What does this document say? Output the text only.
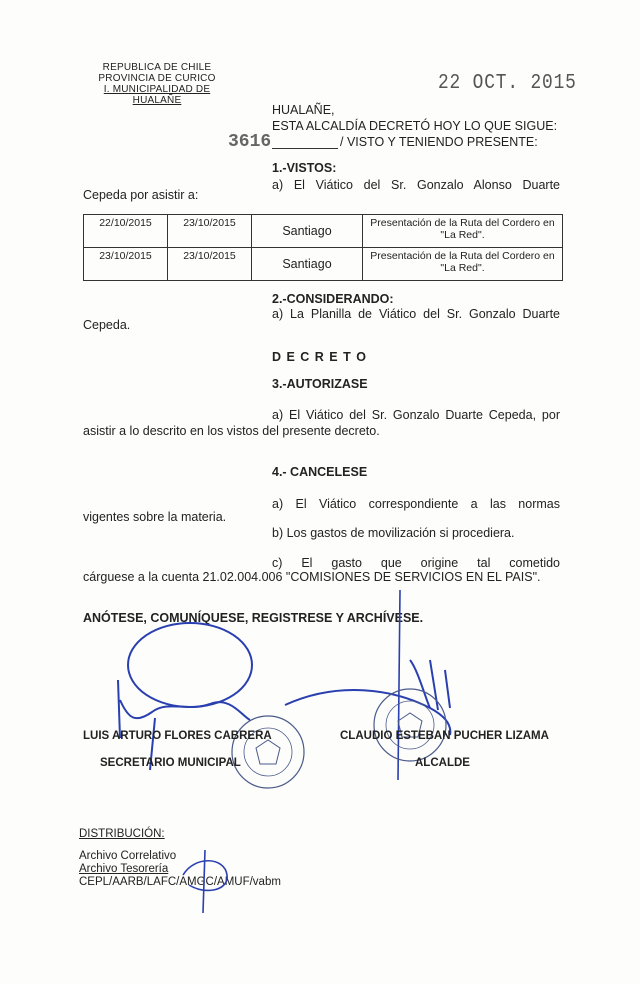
REPUBLICA DE CHILE
PROVINCIA DE CURICO
I. MUNICIPALIDAD DE HUALAÑE
22 OCT. 2015
HUALAÑE,
ESTA ALCALDÍA DECRETÓ HOY LO QUE SIGUE:
3616	/ VISTO Y TENIENDO PRESENTE:
1.-VISTOS:
a) El Viático del Sr. Gonzalo Alonso Duarte
Cepeda por asistir a:
22/10/2015	23/10/2015	Santiago	Presentación de la Ruta del Cordero en "La Red".
23/10/2015	23/10/2015	Santiago	Presentación de la Ruta del Cordero en "La Red".
2.-CONSIDERANDO:
a) La Planilla de Viático del Sr. Gonzalo Duarte
Cepeda.
D E C R E T O
3.-AUTORIZASE
a) El Viático del Sr. Gonzalo Duarte Cepeda, por
asistir a lo descrito en los vistos del presente decreto.
4.- CANCELESE
a) El Viático correspondiente a las normas
vigentes sobre la materia.
b) Los gastos de movilización si procediera.
c) El gasto que origine tal cometido
cárguese a la cuenta 21.02.004.006 "COMISIONES DE SERVICIOS EN EL PAIS".
ANÓTESE, COMUNÍQUESE, REGISTRESE Y ARCHÍVESE.
LUIS ARTURO FLORES CABRERA
SECRETARIO MUNICIPAL
CLAUDIO ESTEBAN PUCHER LIZAMA
ALCALDE
DISTRIBUCIÓN:
Archivo Correlativo
Archivo Tesorería
CEPL/AARB/LAFC/AMGC/AMUF/vabm
